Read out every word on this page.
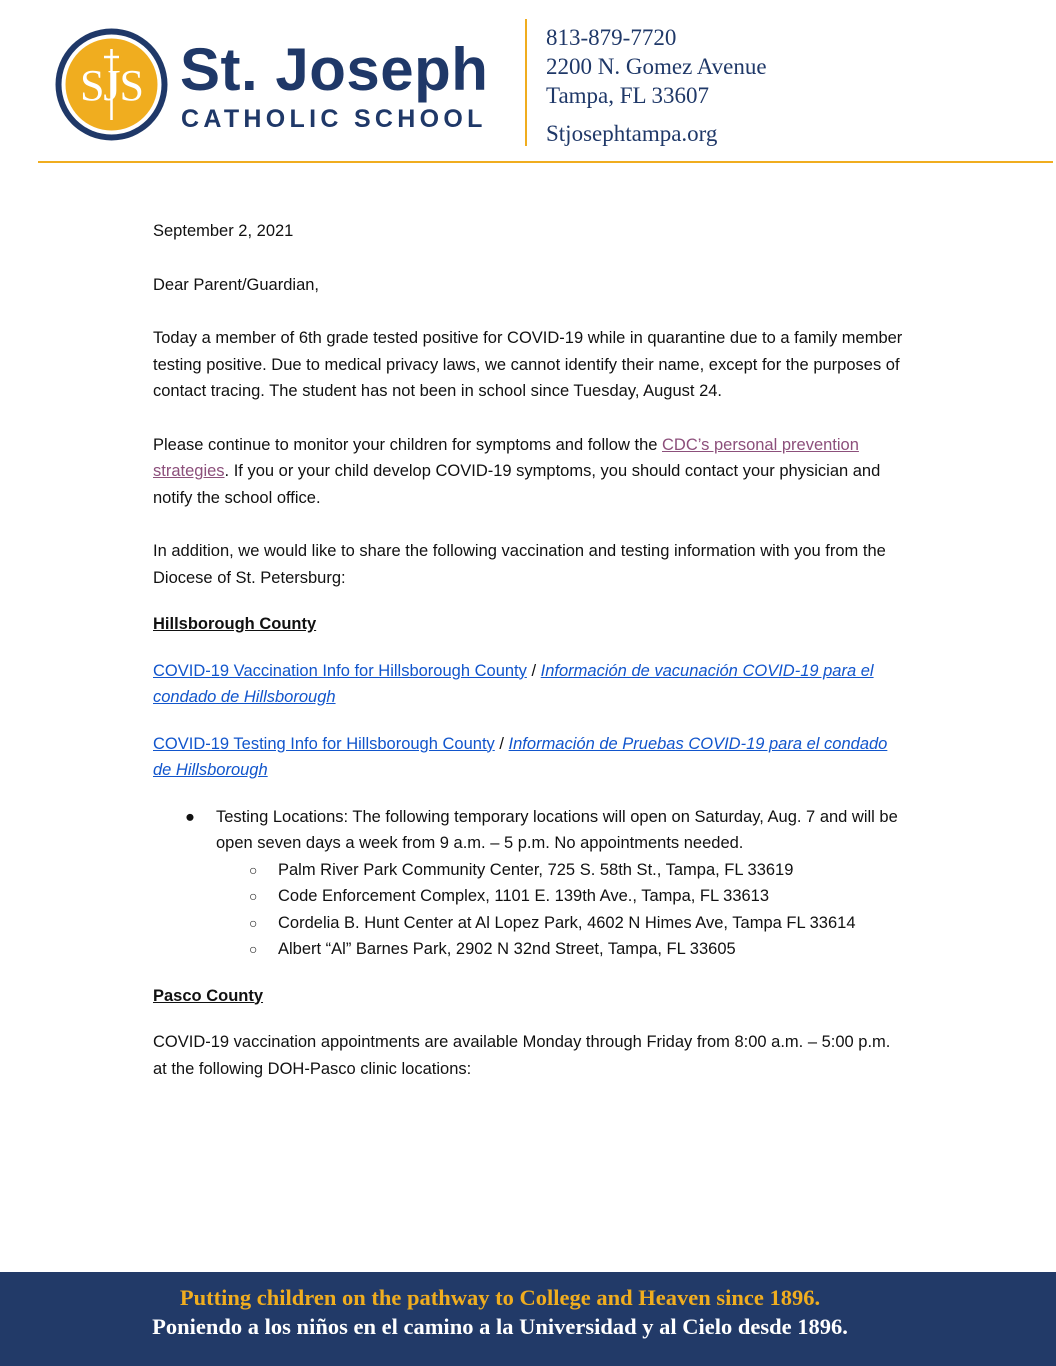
SJS St. Joseph
CATHOLIC SCHOOL
813-879-7720
2200 N. Gomez Avenue
Tampa, FL 33607
Stjosephtampa.org

September 2, 2021

Dear Parent/Guardian,

Today a member of 6th grade tested positive for COVID-19 while in quarantine due to a family member testing positive. Due to medical privacy laws, we cannot identify their name, except for the purposes of contact tracing. The student has not been in school since Tuesday, August 24.

Please continue to monitor your children for symptoms and follow the CDC’s personal prevention strategies. If you or your child develop COVID-19 symptoms, you should contact your physician and notify the school office.

In addition, we would like to share the following vaccination and testing information with you from the Diocese of St. Petersburg:

Hillsborough County

COVID-19 Vaccination Info for Hillsborough County / Información de vacunación COVID-19 para el condado de Hillsborough

COVID-19 Testing Info for Hillsborough County / Información de Pruebas COVID-19 para el condado de Hillsborough

● Testing Locations: The following temporary locations will open on Saturday, Aug. 7 and will be open seven days a week from 9 a.m. – 5 p.m. No appointments needed.
○ Palm River Park Community Center, 725 S. 58th St., Tampa, FL 33619
○ Code Enforcement Complex, 1101 E. 139th Ave., Tampa, FL 33613
○ Cordelia B. Hunt Center at Al Lopez Park, 4602 N Himes Ave, Tampa FL 33614
○ Albert “Al” Barnes Park, 2902 N 32nd Street, Tampa, FL 33605

Pasco County

COVID-19 vaccination appointments are available Monday through Friday from 8:00 a.m. – 5:00 p.m. at the following DOH-Pasco clinic locations:

Putting children on the pathway to College and Heaven since 1896.
Poniendo a los niños en el camino a la Universidad y al Cielo desde 1896.
